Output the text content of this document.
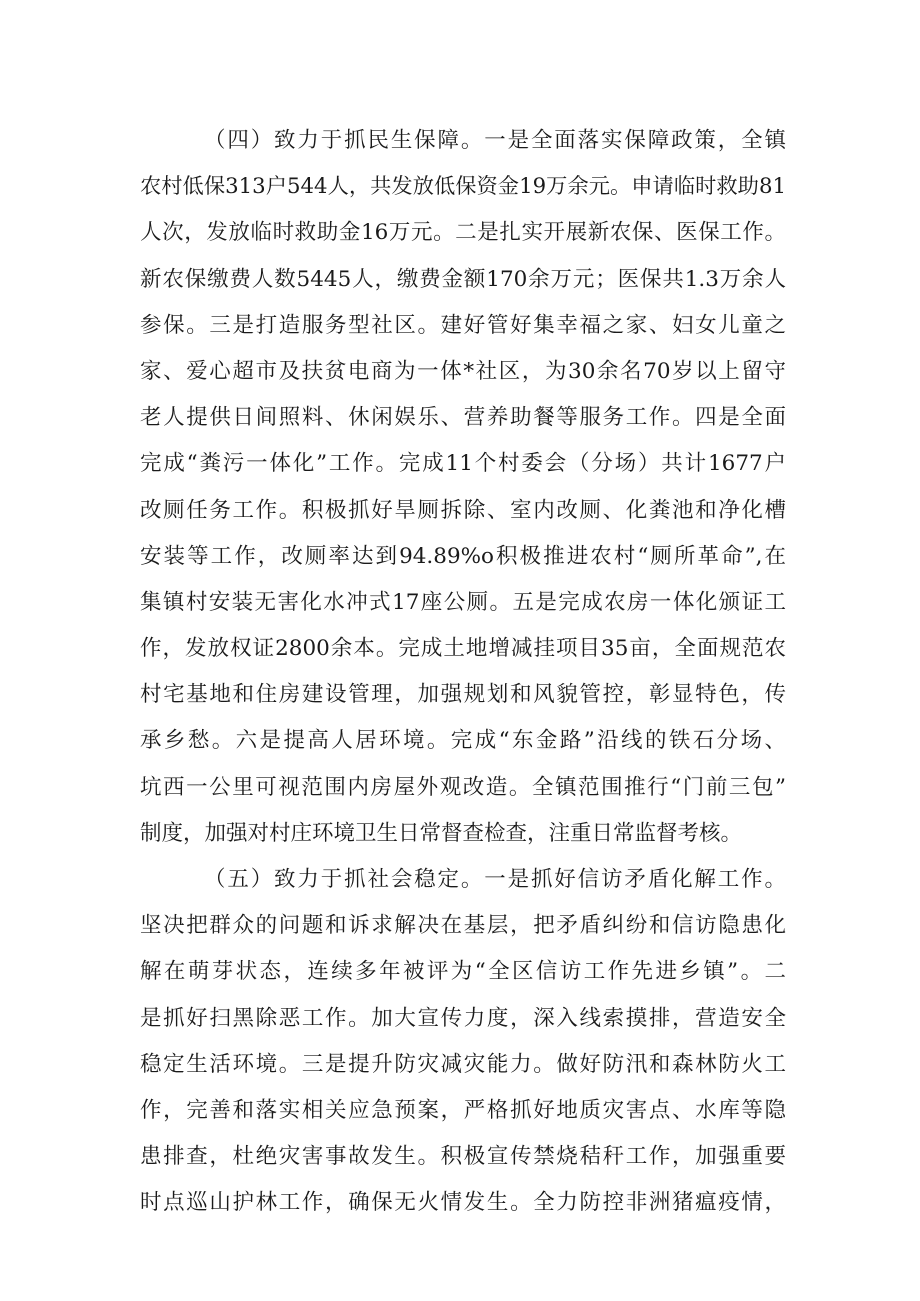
（四）致力于抓民生保障。一是全面落实保障政策，全镇
农村低保313户544人，共发放低保资金19万余元。申请临时救助81
人次，发放临时救助金16万元。二是扎实开展新农保、医保工作。
新农保缴费人数5445人，缴费金额170余万元；医保共1.3万余人
参保。三是打造服务型社区。建好管好集幸福之家、妇女儿童之
家、爱心超市及扶贫电商为一体*社区，为30余名70岁以上留守
老人提供日间照料、休闲娱乐、营养助餐等服务工作。四是全面
完成“粪污一体化”工作。完成11个村委会（分场）共计1677户
改厕任务工作。积极抓好旱厕拆除、室内改厕、化粪池和净化槽
安装等工作，改厕率达到94.89%o积极推进农村“厕所革命”,在
集镇村安装无害化水冲式17座公厕。五是完成农房一体化颁证工
作，发放权证2800余本。完成土地增减挂项目35亩，全面规范农
村宅基地和住房建设管理，加强规划和风貌管控，彰显特色，传
承乡愁。六是提高人居环境。完成“东金路”沿线的铁石分场、
坑西一公里可视范围内房屋外观改造。全镇范围推行“门前三包”
制度，加强对村庄环境卫生日常督查检查，注重日常监督考核。
（五）致力于抓社会稳定。一是抓好信访矛盾化解工作。
坚决把群众的问题和诉求解决在基层，把矛盾纠纷和信访隐患化
解在萌芽状态，连续多年被评为“全区信访工作先进乡镇”。二
是抓好扫黑除恶工作。加大宣传力度，深入线索摸排，营造安全
稳定生活环境。三是提升防灾减灾能力。做好防汛和森林防火工
作，完善和落实相关应急预案，严格抓好地质灾害点、水库等隐
患排查，杜绝灾害事故发生。积极宣传禁烧秸秆工作，加强重要
时点巡山护林工作，确保无火情发生。全力防控非洲猪瘟疫情，
